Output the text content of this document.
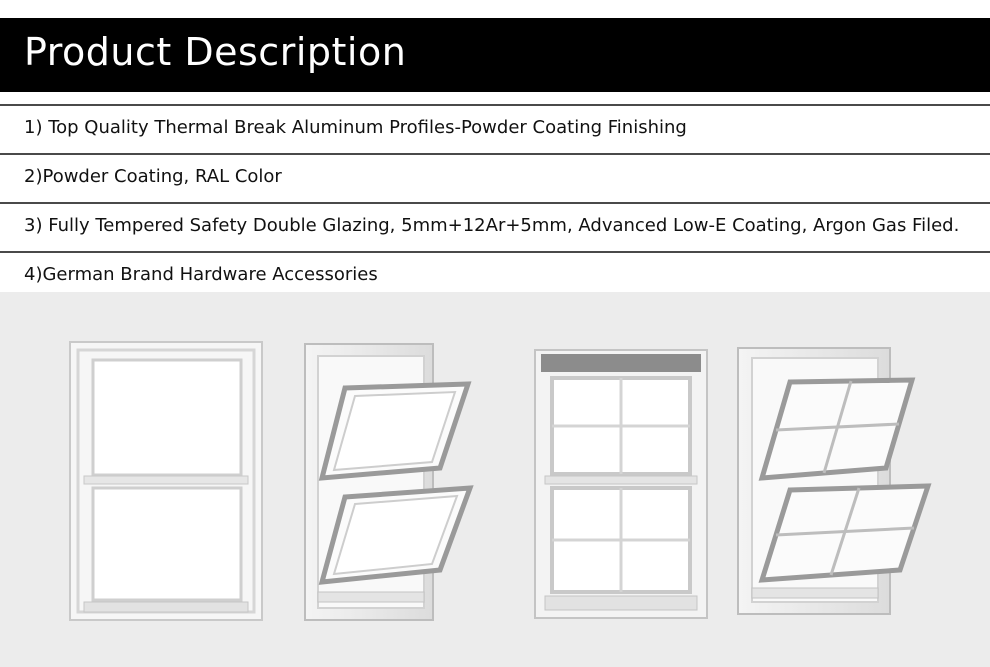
Product Description
1) Top Quality Thermal Break Aluminum Profiles-Powder Coating Finishing
2)Powder Coating, RAL Color
3) Fully Tempered Safety Double Glazing, 5mm+12Ar+5mm, Advanced Low-E Coating, Argon Gas Filed.
4)German Brand Hardware Accessories
